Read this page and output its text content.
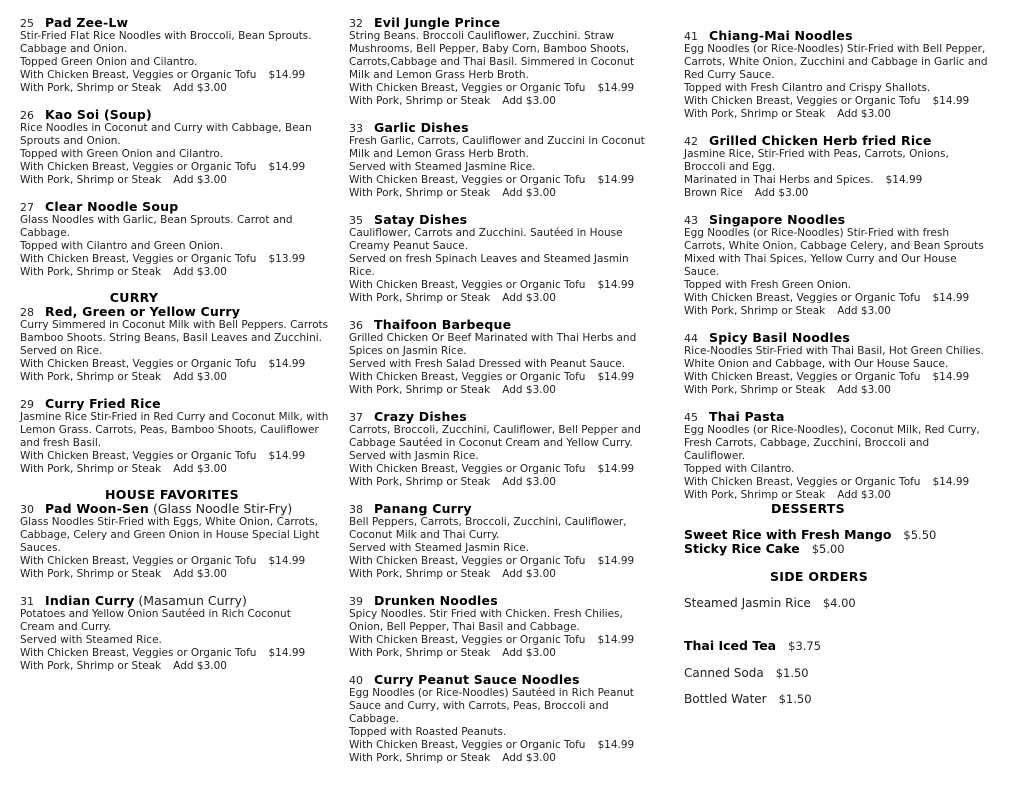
25 Pad Zee-Lw
Stir-Fried Flat Rice Noodles with Broccoli, Bean Sprouts.
Cabbage and Onion.
Topped Green Onion and Cilantro.
With Chicken Breast, Veggies or Organic Tofu $14.99
With Pork, Shrimp or Steak Add $3.00
26 Kao Soi (Soup)
Rice Noodles in Coconut and Curry with Cabbage, Bean
Sprouts and Onion.
Topped with Green Onion and Cilantro.
With Chicken Breast, Veggies or Organic Tofu $14.99
With Pork, Shrimp or Steak Add $3.00
27 Clear Noodle Soup
Glass Noodles with Garlic, Bean Sprouts. Carrot and
Cabbage.
Topped with Cilantro and Green Onion.
With Chicken Breast, Veggies or Organic Tofu $13.99
With Pork, Shrimp or Steak Add $3.00
CURRY
28 Red, Green or Yellow Curry
Curry Simmered in Coconut Milk with Bell Peppers. Carrots
Bamboo Shoots. String Beans, Basil Leaves and Zucchini.
Served on Rice.
With Chicken Breast, Veggies or Organic Tofu $14.99
With Pork, Shrimp or Steak Add $3.00
29 Curry Fried Rice
Jasmine Rice Stir-Fried in Red Curry and Coconut Milk, with
Lemon Grass. Carrots, Peas, Bamboo Shoots, Cauliflower
and fresh Basil.
With Chicken Breast, Veggies or Organic Tofu $14.99
With Pork, Shrimp or Steak Add $3.00
HOUSE FAVORITES
30 Pad Woon-Sen (Glass Noodle Stir-Fry)
Glass Noodles Stir-Fried with Eggs, White Onion, Carrots,
Cabbage, Celery and Green Onion in House Special Light
Sauces.
With Chicken Breast, Veggies or Organic Tofu $14.99
With Pork, Shrimp or Steak Add $3.00
31 Indian Curry (Masamun Curry)
Potatoes and Yellow Onion Sautéed in Rich Coconut
Cream and Curry.
Served with Steamed Rice.
With Chicken Breast, Veggies or Organic Tofu $14.99
With Pork, Shrimp or Steak Add $3.00
32 Evil Jungle Prince
String Beans. Broccoli Cauliflower, Zucchini. Straw
Mushrooms, Bell Pepper, Baby Corn, Bamboo Shoots,
Carrots,Cabbage and Thai Basil. Simmered in Coconut
Milk and Lemon Grass Herb Broth.
With Chicken Breast, Veggies or Organic Tofu $14.99
With Pork, Shrimp or Steak Add $3.00
33 Garlic Dishes
Fresh Garlic, Carrots, Cauliflower and Zuccini in Coconut
Milk and Lemon Grass Herb Broth.
Served with Steamed Jasmine Rice.
With Chicken Breast, Veggies or Organic Tofu $14.99
With Pork, Shrimp or Steak Add $3.00
35 Satay Dishes
Cauliflower, Carrots and Zucchini. Sautéed in House
Creamy Peanut Sauce.
Served on fresh Spinach Leaves and Steamed Jasmin
Rice.
With Chicken Breast, Veggies or Organic Tofu $14.99
With Pork, Shrimp or Steak Add $3.00
36 Thaifoon Barbeque
Grilled Chicken Or Beef Marinated with Thai Herbs and
Spices on Jasmin Rice.
Served with Fresh Salad Dressed with Peanut Sauce.
With Chicken Breast, Veggies or Organic Tofu $14.99
With Pork, Shrimp or Steak Add $3.00
37 Crazy Dishes
Carrots, Broccoli, Zucchini, Cauliflower, Bell Pepper and
Cabbage Sautéed in Coconut Cream and Yellow Curry.
Served with Jasmin Rice.
With Chicken Breast, Veggies or Organic Tofu $14.99
With Pork, Shrimp or Steak Add $3.00
38 Panang Curry
Bell Peppers, Carrots, Broccoli, Zucchini, Cauliflower,
Coconut Milk and Thai Curry.
Served with Steamed Jasmin Rice.
With Chicken Breast, Veggies or Organic Tofu $14.99
With Pork, Shrimp or Steak Add $3.00
39 Drunken Noodles
Spicy Noodles. Stir Fried with Chicken. Fresh Chilies,
Onion, Bell Pepper, Thai Basil and Cabbage.
With Chicken Breast, Veggies or Organic Tofu $14.99
With Pork, Shrimp or Steak Add $3.00
40 Curry Peanut Sauce Noodles
Egg Noodles (or Rice-Noodles) Sautéed in Rich Peanut
Sauce and Curry, with Carrots, Peas, Broccoli and
Cabbage.
Topped with Roasted Peanuts.
With Chicken Breast, Veggies or Organic Tofu $14.99
With Pork, Shrimp or Steak Add $3.00
41 Chiang-Mai Noodles
Egg Noodles (or Rice-Noodles) Stir-Fried with Bell Pepper,
Carrots, White Onion, Zucchini and Cabbage in Garlic and
Red Curry Sauce.
Topped with Fresh Cilantro and Crispy Shallots.
With Chicken Breast, Veggies or Organic Tofu $14.99
With Pork, Shrimp or Steak Add $3.00
42 Grilled Chicken Herb fried Rice
Jasmine Rice, Stir-Fried with Peas, Carrots, Onions,
Broccoli and Egg.
Marinated in Thai Herbs and Spices. $14.99
Brown Rice Add $3.00
43 Singapore Noodles
Egg Noodles (or Rice-Noodles) Stir-Fried with fresh
Carrots, White Onion, Cabbage Celery, and Bean Sprouts
Mixed with Thai Spices, Yellow Curry and Our House
Sauce.
Topped with Fresh Green Onion.
With Chicken Breast, Veggies or Organic Tofu $14.99
With Pork, Shrimp or Steak Add $3.00
44 Spicy Basil Noodles
Rice-Noodles Stir-Fried with Thai Basil, Hot Green Chilies.
White Onion and Cabbage, with Our House Sauce.
With Chicken Breast, Veggies or Organic Tofu $14.99
With Pork, Shrimp or Steak Add $3.00
45 Thai Pasta
Egg Noodles (or Rice-Noodles), Coconut Milk, Red Curry,
Fresh Carrots, Cabbage, Zucchini, Broccoli and
Cauliflower.
Topped with Cilantro.
With Chicken Breast, Veggies or Organic Tofu $14.99
With Pork, Shrimp or Steak Add $3.00
DESSERTS
Sweet Rice with Fresh Mango $5.50
Sticky Rice Cake $5.00
SIDE ORDERS
Steamed Jasmin Rice $4.00
Thai Iced Tea $3.75
Canned Soda $1.50
Bottled Water $1.50
